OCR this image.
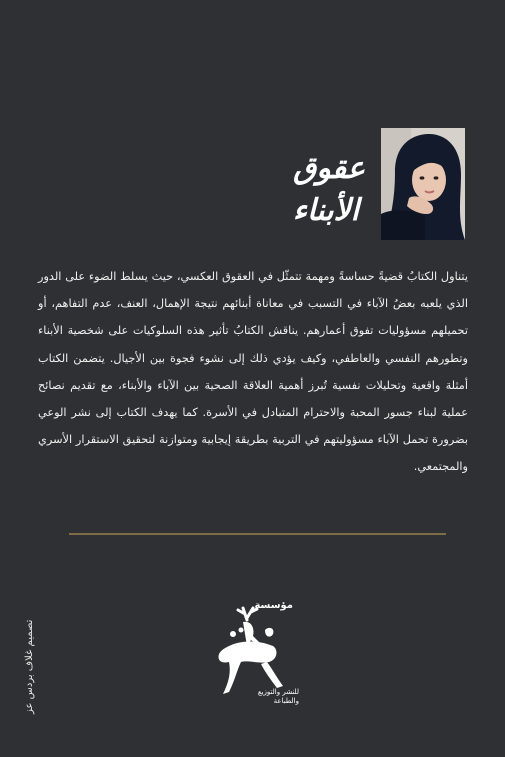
عقوق
الأبناء
يتناول الكتابُ قضيةً حساسةً ومهمة تتمثّل في العقوق العكسي، حيث يسلط الضوء على الدور الذي يلعبه بعضُ الآباء في التسبب في معاناة أبنائهم نتيجة الإهمال، العنف، عدم التفاهم، أو تحميلهم مسؤوليات تفوق أعمارهم. يناقش الكتابُ تأثير هذه السلوكيات على شخصية الأبناء وتطورهم النفسي والعاطفي، وكيف يؤدي ذلك إلى نشوء فجوة بين الأجيال. يتضمن الكتاب أمثلة واقعية وتحليلات نفسية تُبرز أهمية العلاقة الصحية بين الآباء والأبناء، مع تقديم نصائح عملية لبناء جسور المحبة والاحترام المتبادل في الأسرة. كما يهدف الكتاب إلى نشر الوعي بضرورة تحمل الآباء مسؤوليتهم في التربية بطريقة إيجابية ومتوازنة لتحقيق الاستقرار الأسري والمجتمعي.
تصميم غلاف بردس عز
مؤسسة
للنشر والتوزيع والطباعة
